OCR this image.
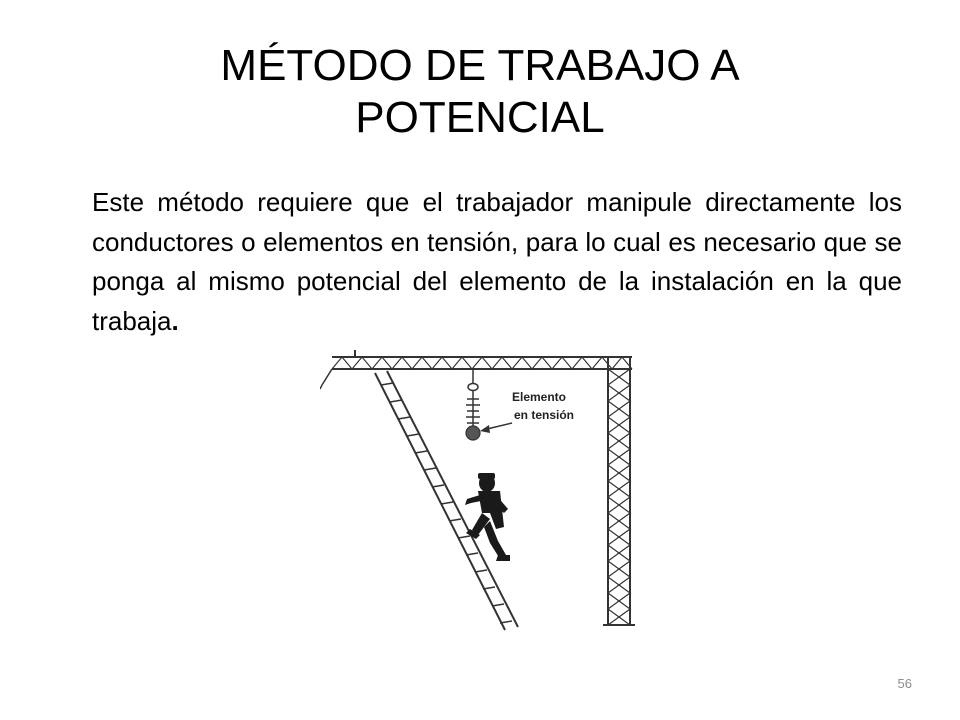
MÉTODO DE TRABAJO A
POTENCIAL
Este método requiere que el trabajador manipule directamente los conductores o elementos en tensión, para lo cual es necesario que se ponga al mismo potencial del elemento de la instalación en la que trabaja.
Elemento
en tensión
56
